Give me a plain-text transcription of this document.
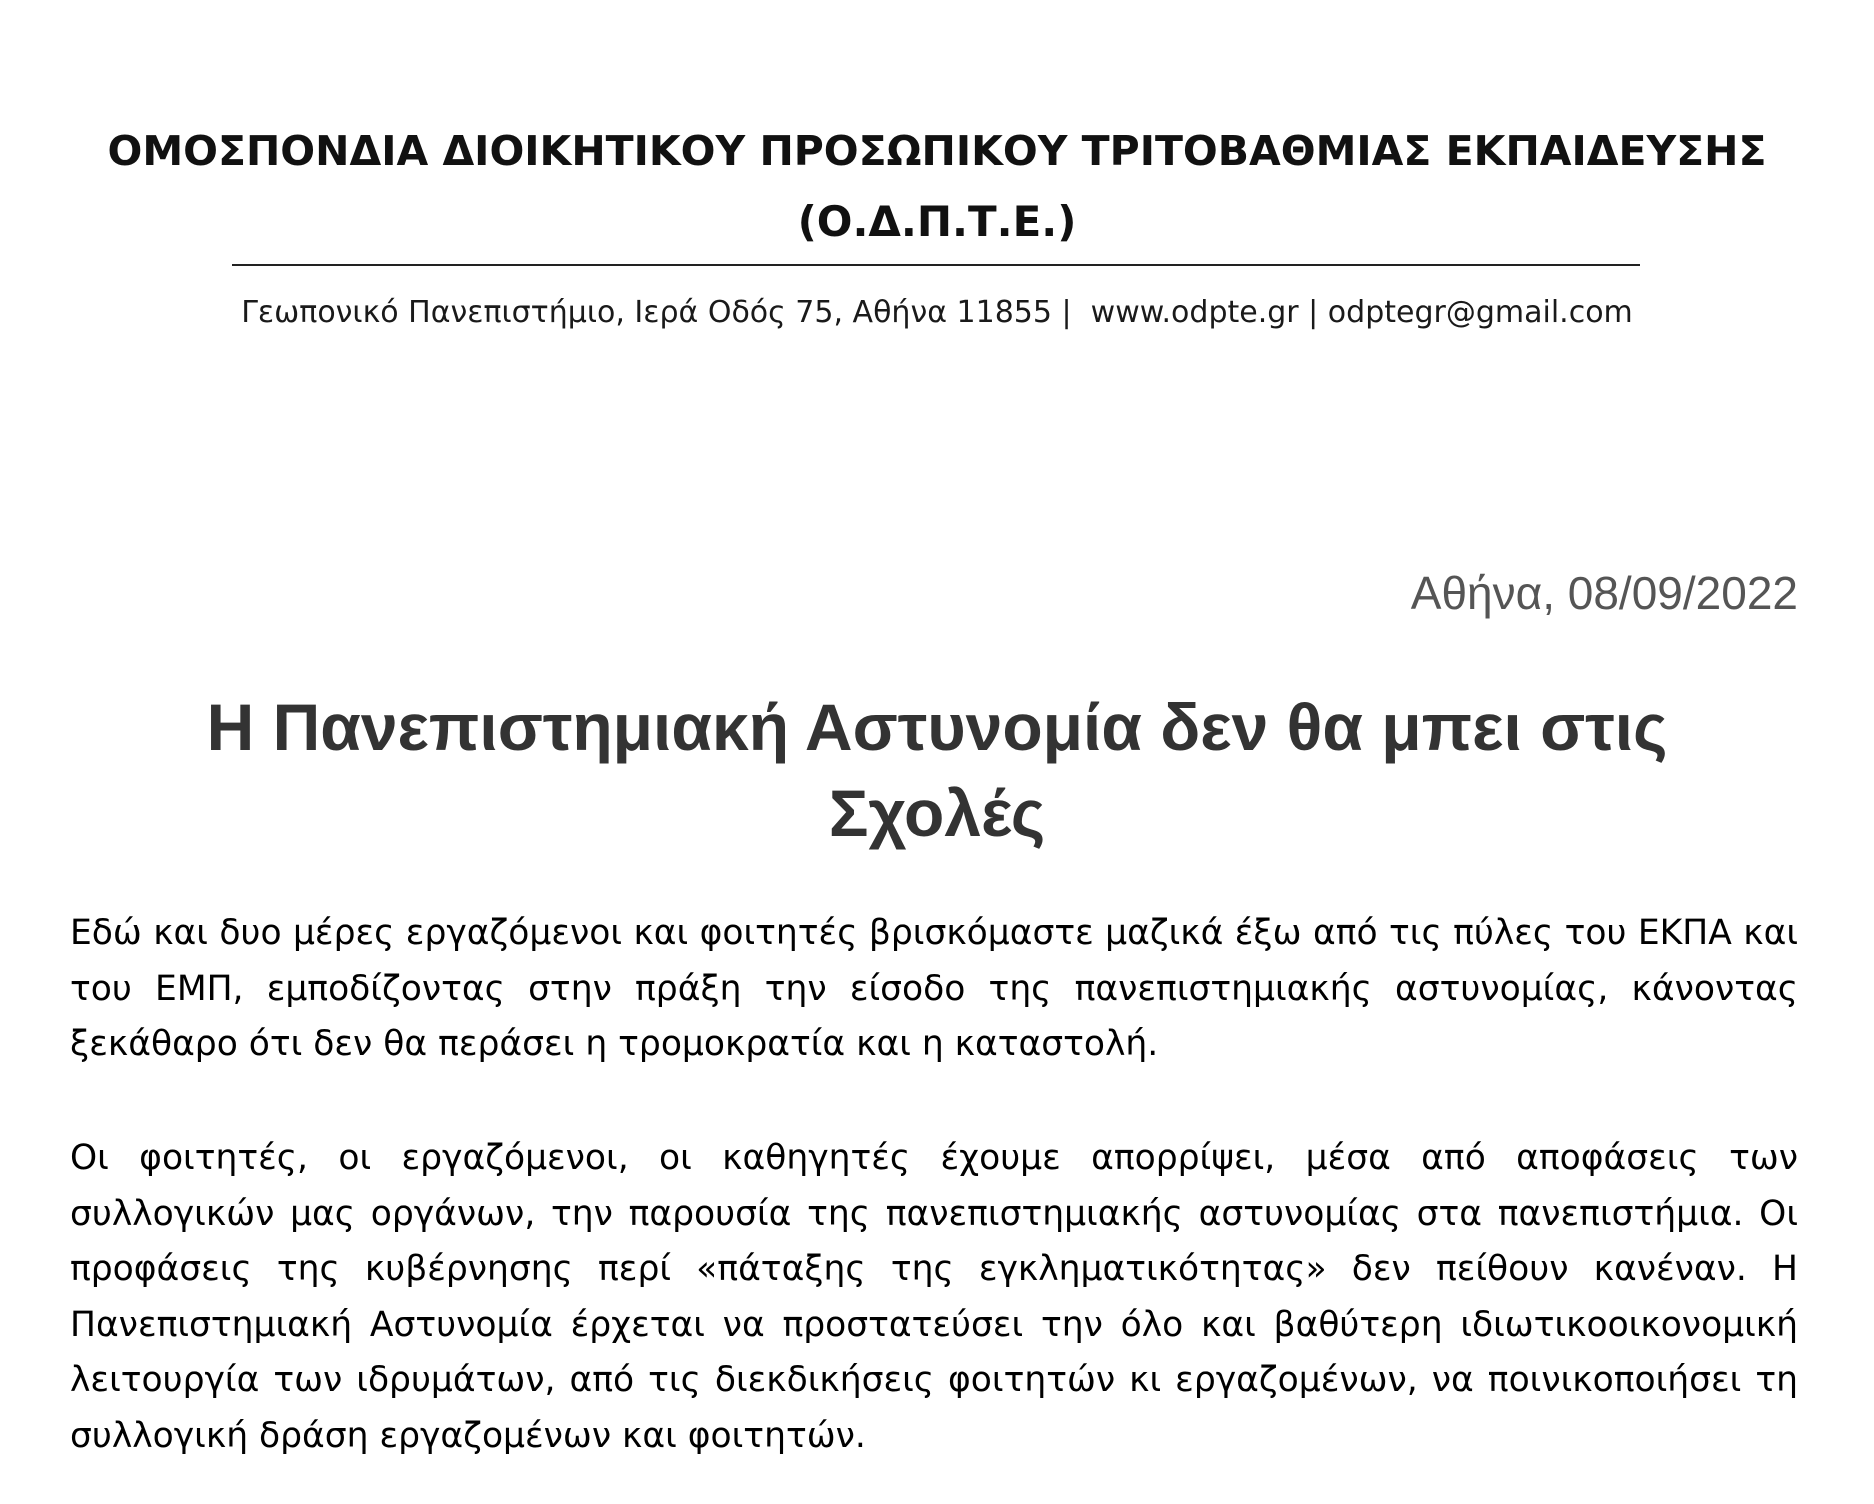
ΟΜΟΣΠΟΝΔΙΑ ΔΙΟΙΚΗΤΙΚΟΥ ΠΡΟΣΩΠΙΚΟΥ ΤΡΙΤΟΒΑΘΜΙΑΣ ΕΚΠΑΙΔΕΥΣΗΣ
(Ο.Δ.Π.Τ.Ε.)
Γεωπονικό Πανεπιστήμιο, Ιερά Οδός 75, Αθήνα 11855 |  www.odpte.gr | odptegr@gmail.com
Αθήνα, 08/09/2022
Η Πανεπιστημιακή Αστυνομία δεν θα μπει στις Σχολές

Εδώ και δυο μέρες εργαζόμενοι και φοιτητές βρισκόμαστε μαζικά έξω από τις πύλες του ΕΚΠΑ και του ΕΜΠ, εμποδίζοντας στην πράξη την είσοδο της πανεπιστημιακής αστυνομίας, κάνοντας ξεκάθαρο ότι δεν θα περάσει η τρομοκρατία και η καταστολή.

Οι φοιτητές, οι εργαζόμενοι, οι καθηγητές έχουμε απορρίψει, μέσα από αποφάσεις των συλλογικών μας οργάνων, την παρουσία της πανεπιστημιακής αστυνομίας στα πανεπιστήμια. Οι προφάσεις της κυβέρνησης περί «πάταξης της εγκληματικότητας» δεν πείθουν κανέναν. Η Πανεπιστημιακή Αστυνομία έρχεται να προστατεύσει την όλο και βαθύτερη ιδιωτικοοικονομική λειτουργία των ιδρυμάτων, από τις διεκδικήσεις φοιτητών κι εργαζομένων, να ποινικοποιήσει τη συλλογική δράση εργαζομένων και φοιτητών.
